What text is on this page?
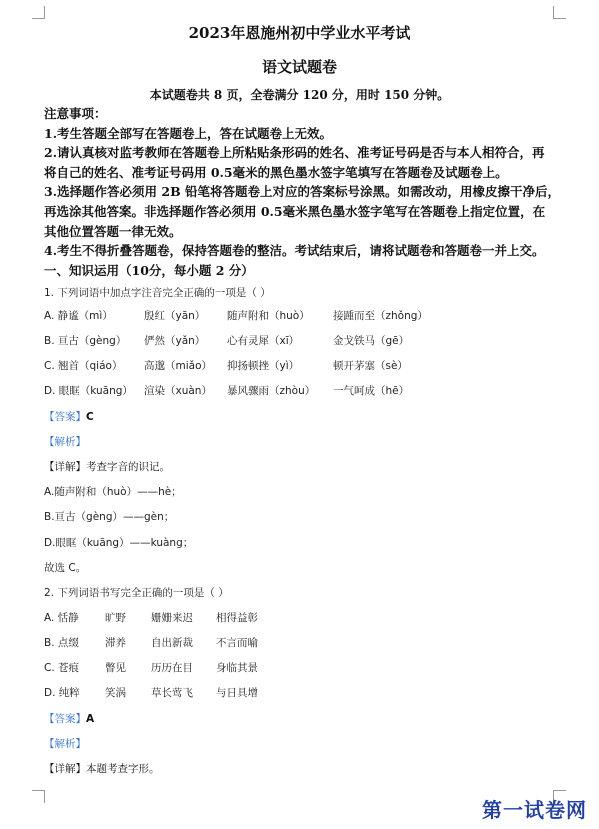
2023年恩施州初中学业水平考试
语文试题卷
本试题卷共 8 页，全卷满分 120 分，用时 150 分钟。
注意事项：
1.考生答题全部写在答题卷上，答在试题卷上无效。
2.请认真核对监考教师在答题卷上所粘贴条形码的姓名、准考证号码是否与本人相符合，再
将自己的姓名、准考证号码用 0.5毫米的黑色墨水签字笔填写在答题卷及试题卷上。
3.选择题作答必须用 2B 铅笔将答题卷上对应的答案标号涂黑。如需改动，用橡皮擦干净后，
再选涂其他答案。非选择题作答必须用 0.5毫米黑色墨水签字笔写在答题卷上指定位置，在
其他位置答题一律无效。
4.考生不得折叠答题卷，保持答题卷的整洁。考试结束后，请将试题卷和答题卷一并上交。
一、知识运用（10分，每小题 2 分）
1. 下列词语中加点字注音完全正确的一项是（ ）
A. 静谧（mì）	殷红（yān） 随声附和（huò） 接踵而至（zhǒng）
B. 亘古（gèng） 俨然（yǎn） 心有灵犀（xī）	金戈铁马（gē）
C. 翘首（qiáo） 高邈（miǎo） 抑扬顿挫（yì）	顿开茅塞（sè）
D. 眼眶（kuāng） 渲染（xuàn） 暴风骤雨（zhòu） 一气呵成（hē）
【答案】C
【解析】
【详解】考查字音的识记。
A.随声附和（huò）——hè；
B.亘古（gèng）——gèn；
D.眼眶（kuāng）——kuàng；
故选 C。
2. 下列词语书写完全正确的一项是（ ）
A. 恬静	旷野 姗姗来迟 相得益彰
B. 点缀 滞养 自出新裁 不言而喻
C. 苍痕 瞥见 历历在目 身临其景
D. 纯粹 笑涡 草长莺飞 与日具增
【答案】A
【解析】
【详解】本题考查字形。
第一试卷网
